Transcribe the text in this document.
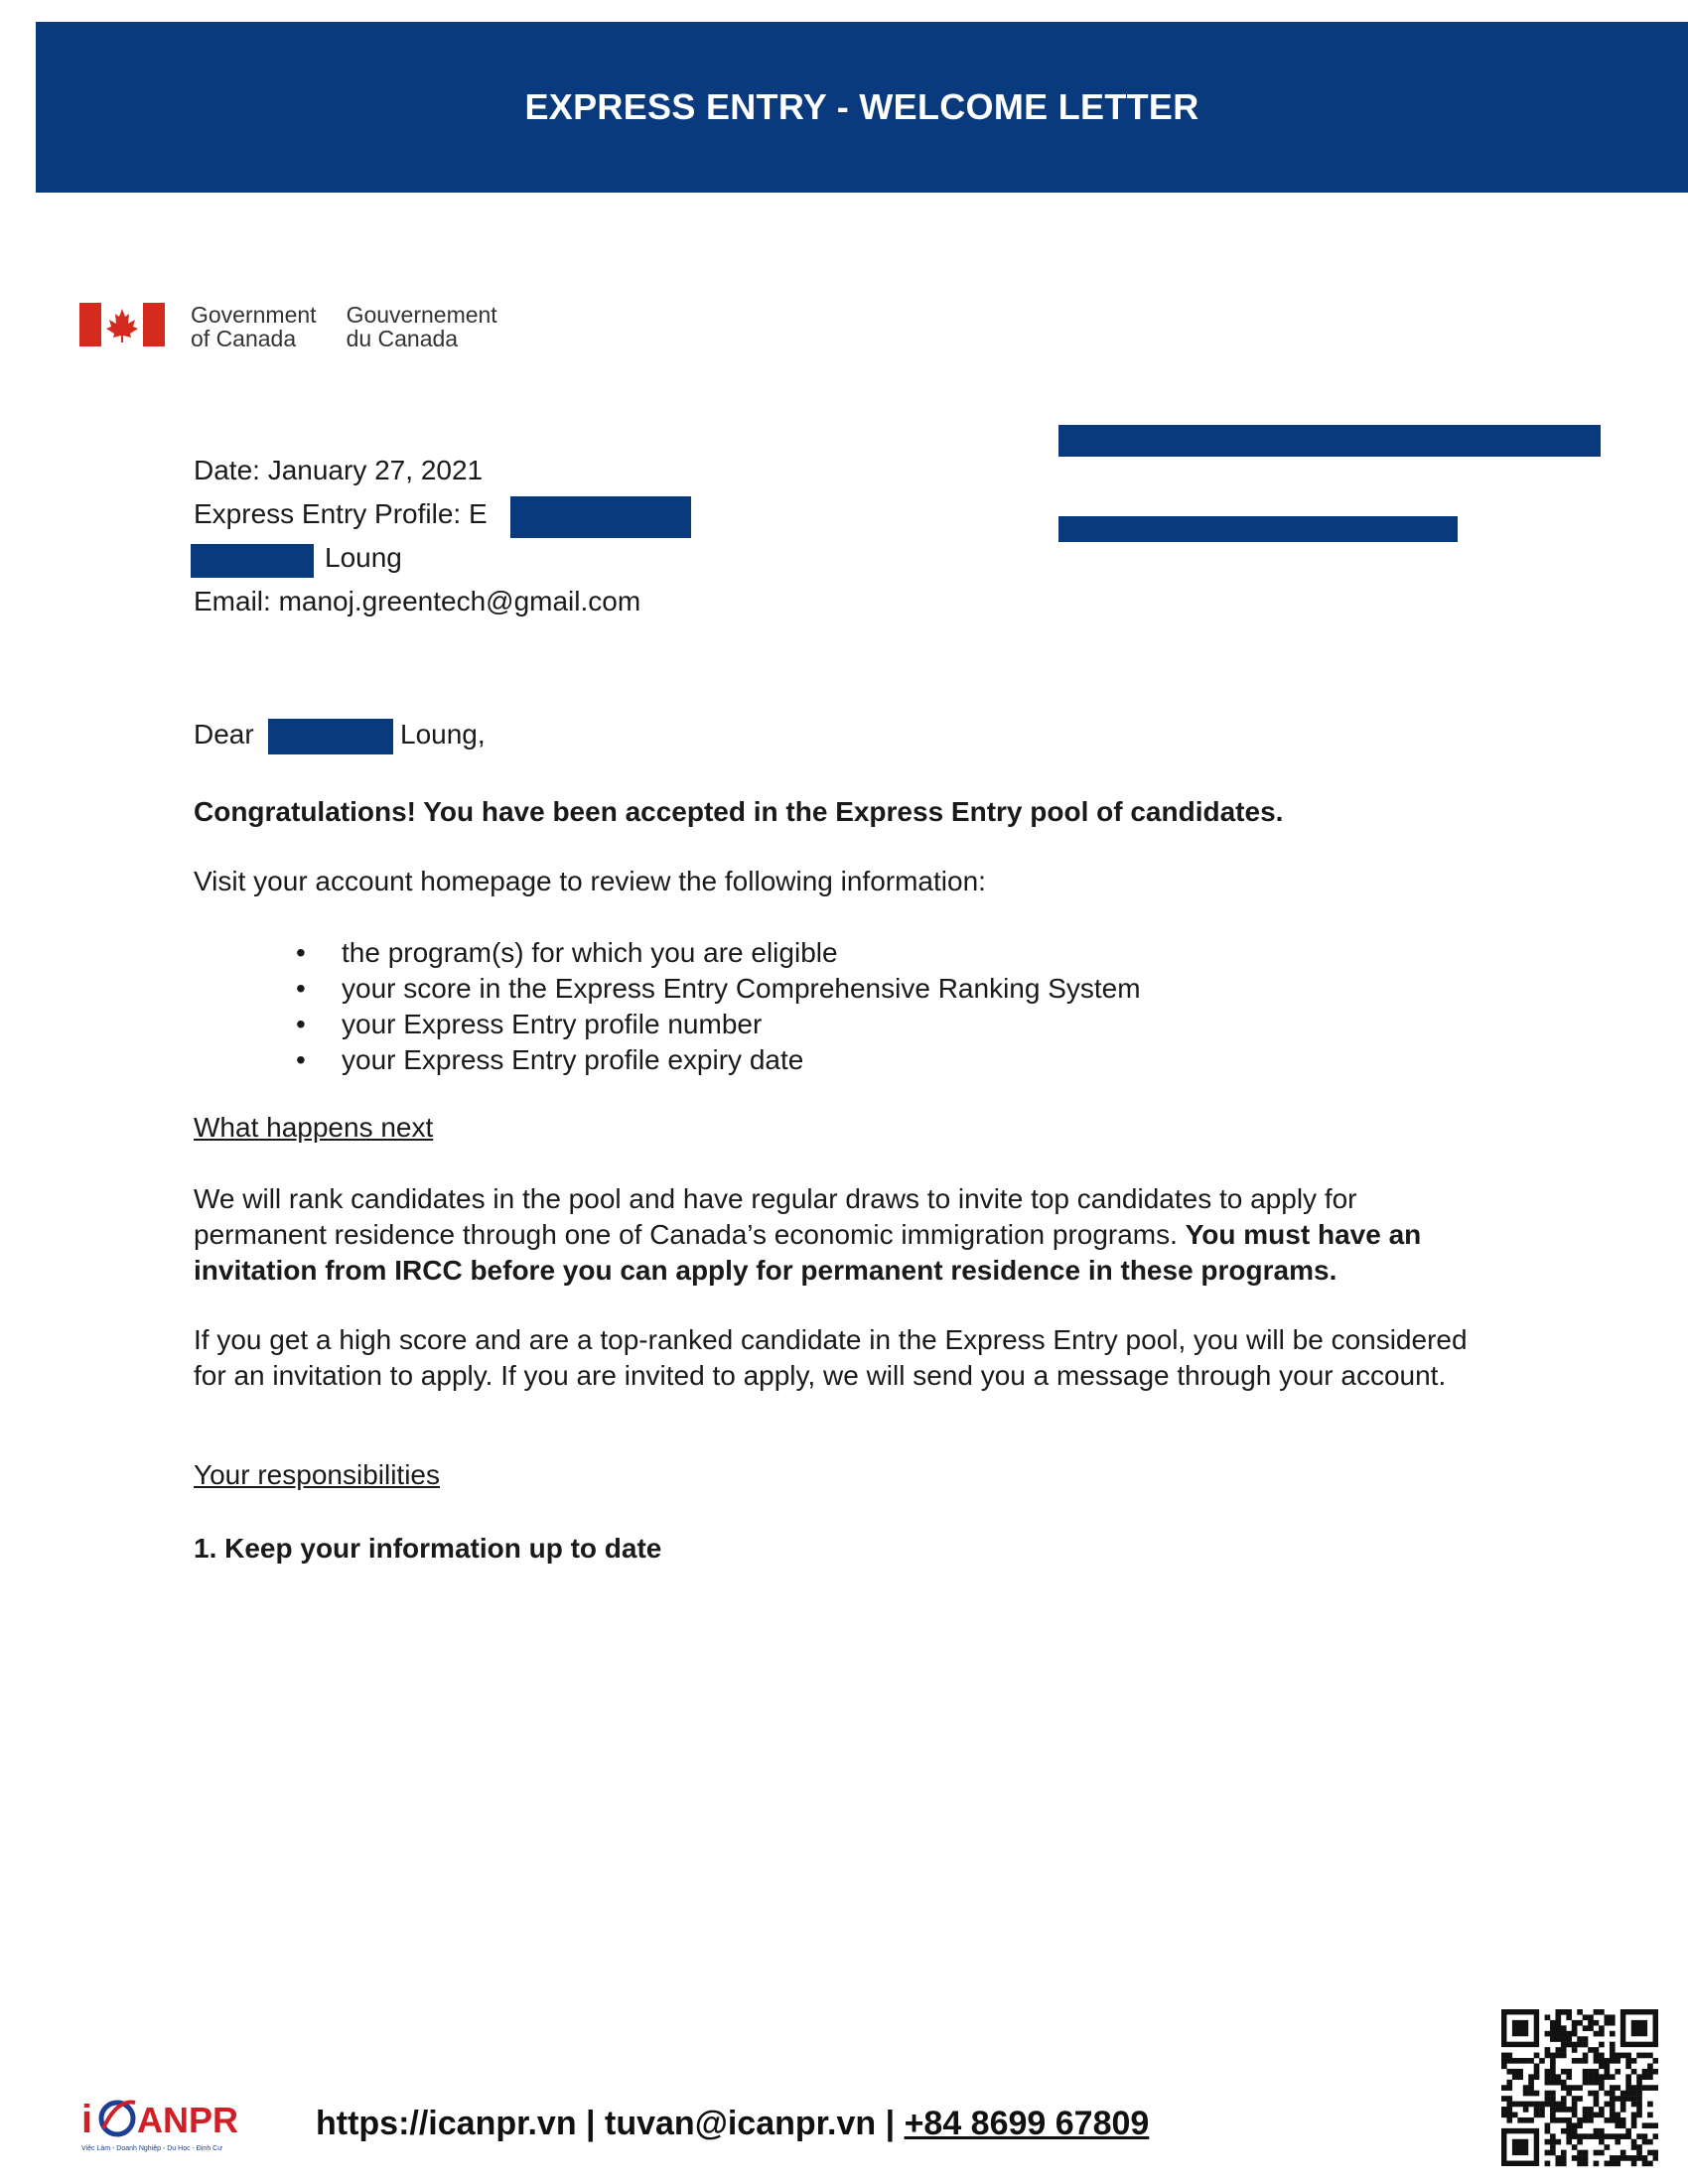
EXPRESS ENTRY - WELCOME LETTER
Government
of Canada
Gouvernement
du Canada
Date: January 27, 2021
Express Entry Profile: E
Loung
Email: manoj.greentech@gmail.com
Dear	Loung,
Congratulations! You have been accepted in the Express Entry pool of candidates.
Visit your account homepage to review the following information:
• the program(s) for which you are eligible
• your score in the Express Entry Comprehensive Ranking System
• your Express Entry profile number
• your Express Entry profile expiry date
What happens next
We will rank candidates in the pool and have regular draws to invite top candidates to apply for permanent residence through one of Canada’s economic immigration programs. You must have an invitation from IRCC before you can apply for permanent residence in these programs.
If you get a high score and are a top-ranked candidate in the Express Entry pool, you will be considered for an invitation to apply. If you are invited to apply, we will send you a message through your account.
Your responsibilities
1. Keep your information up to date
i ANPR
Việc Làm - Doanh Nghiệp - Du Học - Định Cư
https://icanpr.vn | tuvan@icanpr.vn | +84 8699 67809
